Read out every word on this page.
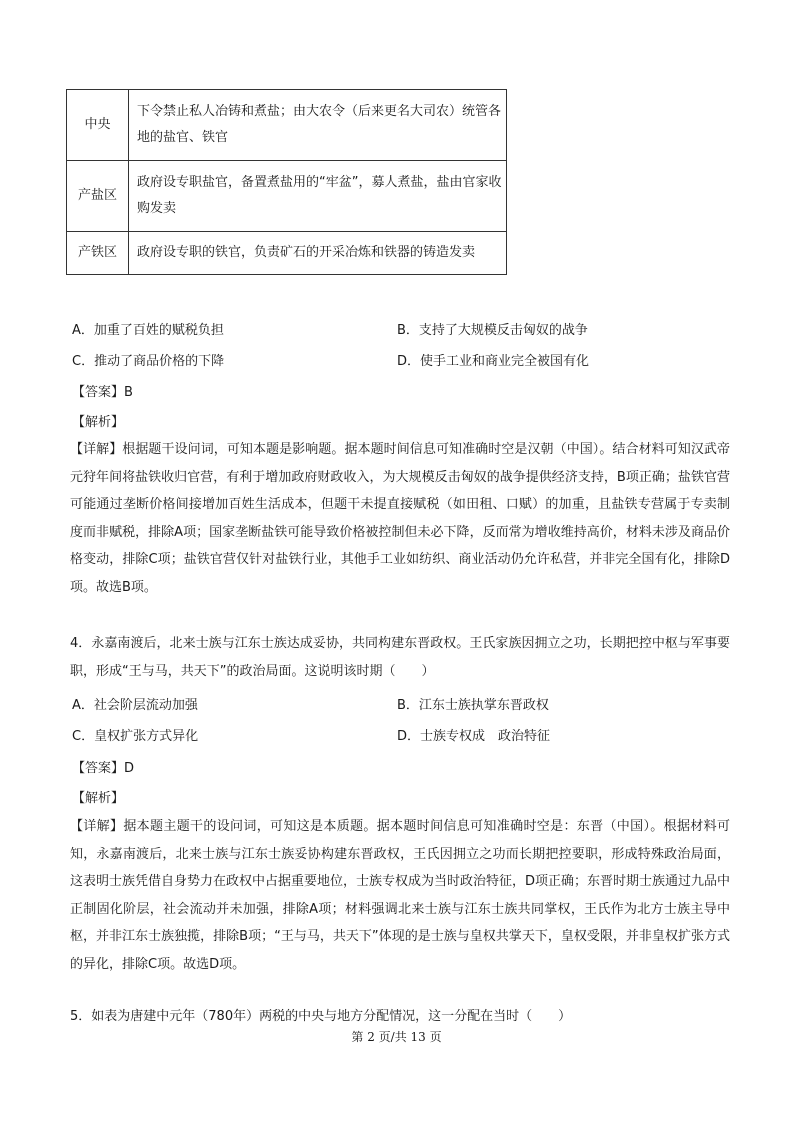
中央	下令禁止私人冶铸和煮盐；由大农令（后来更名大司农）统管各地的盐官、铁官
产盐区	政府设专职盐官，备置煮盐用的“牢盆”，募人煮盐，盐由官家收购发卖
产铁区	政府设专职的铁官，负责矿石的开采冶炼和铁器的铸造发卖
A．加重了百姓的赋税负担	B．支持了大规模反击匈奴的战争
C．推动了商品价格的下降	D．使手工业和商业完全被国有化
【答案】B
【解析】
【详解】根据题干设问词，可知本题是影响题。据本题时间信息可知准确时空是汉朝（中国）。结合材料可知汉武帝元狩年间将盐铁收归官营，有利于增加政府财政收入，为大规模反击匈奴的战争提供经济支持，B项正确；盐铁官营可能通过垄断价格间接增加百姓生活成本，但题干未提直接赋税（如田租、口赋）的加重，且盐铁专营属于专卖制度而非赋税，排除A项；国家垄断盐铁可能导致价格被控制但未必下降，反而常为增收维持高价，材料未涉及商品价格变动，排除C项；盐铁官营仅针对盐铁行业，其他手工业如纺织、商业活动仍允许私营，并非完全国有化，排除D项。故选B项。
4．永嘉南渡后，北来士族与江东士族达成妥协，共同构建东晋政权。王氏家族因拥立之功，长期把控中枢与军事要职，形成“王与马，共天下”的政治局面。这说明该时期（　　）
A．社会阶层流动加强	B．江东士族执掌东晋政权
C．皇权扩张方式异化	D．士族专权成　政治特征
【答案】D
【解析】
【详解】据本题主题干的设问词，可知这是本质题。据本题时间信息可知准确时空是：东晋（中国）。根据材料可知，永嘉南渡后，北来士族与江东士族妥协构建东晋政权，王氏因拥立之功而长期把控要职，形成特殊政治局面，这表明士族凭借自身势力在政权中占据重要地位，士族专权成为当时政治特征，D项正确；东晋时期士族通过九品中正制固化阶层，社会流动并未加强，排除A项；材料强调北来士族与江东士族共同掌权，王氏作为北方士族主导中枢，并非江东士族独揽，排除B项；“王与马，共天下”体现的是士族与皇权共掌天下，皇权受限，并非皇权扩张方式的异化，排除C项。故选D项。
5．如表为唐建中元年（780年）两税的中央与地方分配情况，这一分配在当时（　　）
第 2 页/共 13 页
